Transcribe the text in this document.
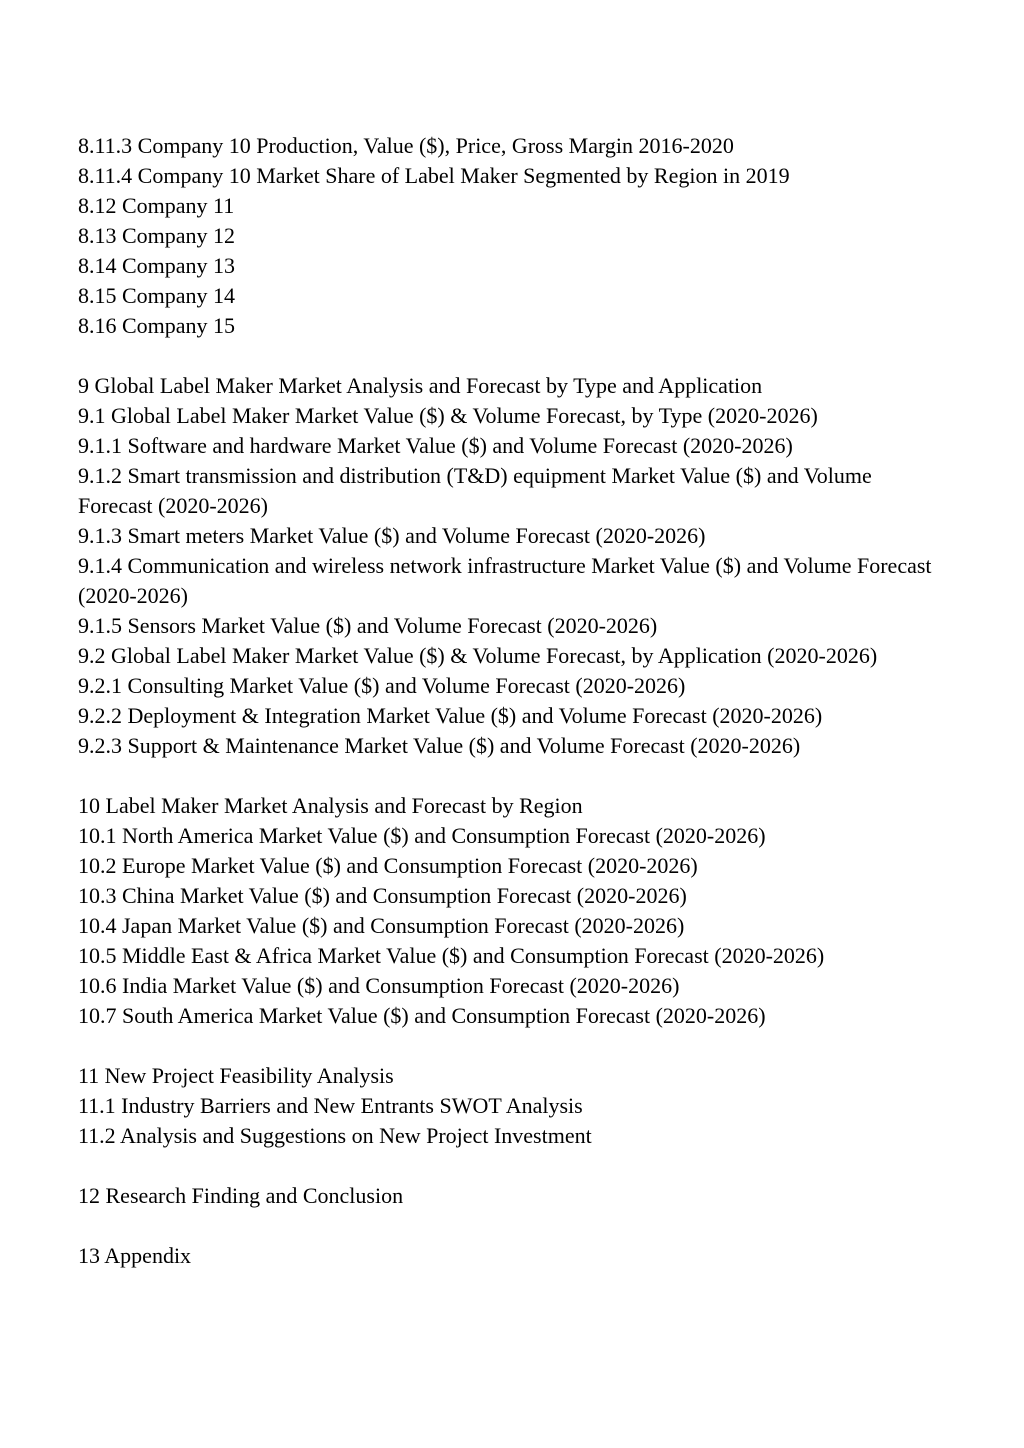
8.11.3 Company 10 Production, Value ($), Price, Gross Margin 2016-2020
8.11.4 Company 10 Market Share of Label Maker Segmented by Region in 2019
8.12 Company 11
8.13 Company 12
8.14 Company 13
8.15 Company 14
8.16 Company 15
9 Global Label Maker Market Analysis and Forecast by Type and Application
9.1 Global Label Maker Market Value ($) & Volume Forecast, by Type (2020-2026)
9.1.1 Software and hardware Market Value ($) and Volume Forecast (2020-2026)
9.1.2 Smart transmission and distribution (T&D) equipment Market Value ($) and Volume Forecast (2020-2026)
9.1.3 Smart meters Market Value ($) and Volume Forecast (2020-2026)
9.1.4 Communication and wireless network infrastructure Market Value ($) and Volume Forecast (2020-2026)
9.1.5 Sensors Market Value ($) and Volume Forecast (2020-2026)
9.2 Global Label Maker Market Value ($) & Volume Forecast, by Application (2020-2026)
9.2.1 Consulting Market Value ($) and Volume Forecast (2020-2026)
9.2.2 Deployment & Integration Market Value ($) and Volume Forecast (2020-2026)
9.2.3 Support & Maintenance Market Value ($) and Volume Forecast (2020-2026)
10 Label Maker Market Analysis and Forecast by Region
10.1 North America Market Value ($) and Consumption Forecast (2020-2026)
10.2 Europe Market Value ($) and Consumption Forecast (2020-2026)
10.3 China Market Value ($) and Consumption Forecast (2020-2026)
10.4 Japan Market Value ($) and Consumption Forecast (2020-2026)
10.5 Middle East & Africa Market Value ($) and Consumption Forecast (2020-2026)
10.6 India Market Value ($) and Consumption Forecast (2020-2026)
10.7 South America Market Value ($) and Consumption Forecast (2020-2026)
11 New Project Feasibility Analysis
11.1 Industry Barriers and New Entrants SWOT Analysis
11.2 Analysis and Suggestions on New Project Investment
12 Research Finding and Conclusion
13 Appendix
